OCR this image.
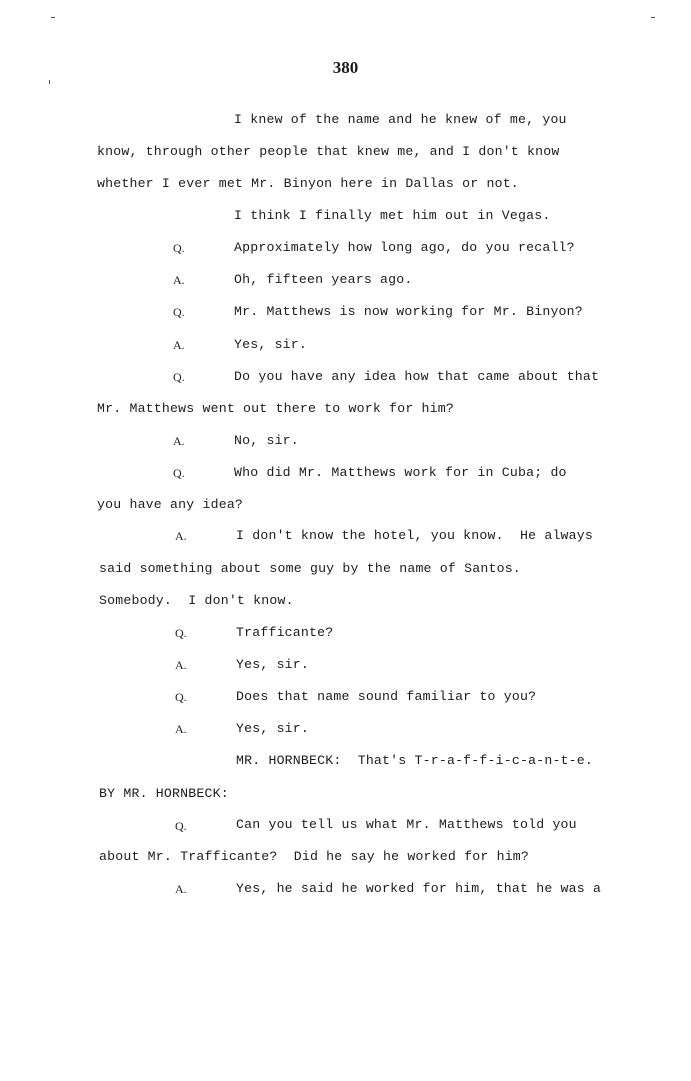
380
I knew of the name and he knew of me, you
know, through other people that knew me, and I don't know
whether I ever met Mr. Binyon here in Dallas or not.
I think I finally met him out in Vegas.
Q.	Approximately how long ago, do you recall?
A.	Oh, fifteen years ago.
Q.	Mr. Matthews is now working for Mr. Binyon?
A.	Yes, sir.
Q.	Do you have any idea how that came about that
Mr. Matthews went out there to work for him?
A.	No, sir.
Q.	Who did Mr. Matthews work for in Cuba; do
you have any idea?
A.	I don't know the hotel, you know.  He always
said something about some guy by the name of Santos.
Somebody.  I don't know.
Q.	Trafficante?
A.	Yes, sir.
Q.	Does that name sound familiar to you?
A.	Yes, sir.
MR. HORNBECK:  That's T-r-a-f-f-i-c-a-n-t-e.
BY MR. HORNBECK:
Q.	Can you tell us what Mr. Matthews told you
about Mr. Trafficante?  Did he say he worked for him?
A.	Yes, he said he worked for him, that he was a
